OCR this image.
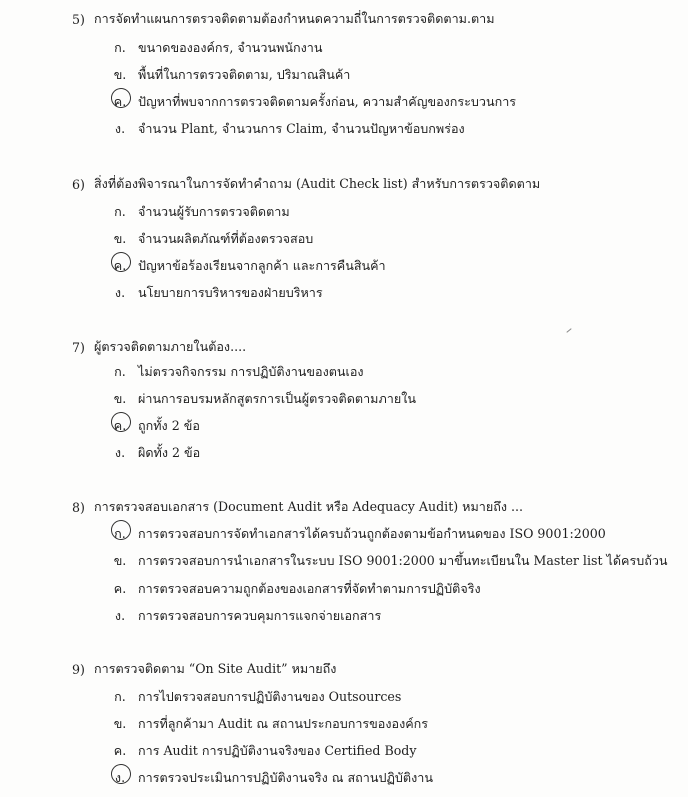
5) การจัดทำแผนการตรวจติดตามต้องกำหนดความถี่ในการตรวจติดตาม.ตาม
ก. ขนาดขององค์กร, จำนวนพนักงาน
ข. พื้นที่ในการตรวจติดตาม, ปริมาณสินค้า
ค. ปัญหาที่พบจากการตรวจติดตามครั้งก่อน, ความสำคัญของกระบวนการ
ง.	จำนวน Plant, จำนวนการ Claim, จำนวนปัญหาข้อบกพร่อง
6) สิ่งที่ต้องพิจารณาในการจัดทำคำถาม (Audit Check list) สำหรับการตรวจติดตาม
ก. จำนวนผู้รับการตรวจติดตาม
ข. จำนวนผลิตภัณฑ์ที่ต้องตรวจสอบ
ค. ปัญหาข้อร้องเรียนจากลูกค้า และการคืนสินค้า
ง.	นโยบายการบริหารของฝ่ายบริหาร
7) ผู้ตรวจติดตามภายในต้อง....
ก. ไม่ตรวจกิจกรรม การปฏิบัติงานของตนเอง
ข. ผ่านการอบรมหลักสูตรการเป็นผู้ตรวจติดตามภายใน
ค. ถูกทั้ง 2 ข้อ
ง.	ผิดทั้ง 2 ข้อ
8) การตรวจสอบเอกสาร (Document Audit หรือ Adequacy Audit) หมายถึง ...
ก. การตรวจสอบการจัดทำเอกสารได้ครบถ้วนถูกต้องตามข้อกำหนดของ ISO 9001:2000
ข. การตรวจสอบการนำเอกสารในระบบ ISO 9001:2000 มาขึ้นทะเบียนใน Master list ได้ครบถ้วน
ค. การตรวจสอบความถูกต้องของเอกสารที่จัดทำตามการปฏิบัติจริง
ง.	การตรวจสอบการควบคุมการแจกจ่ายเอกสาร
9) การตรวจติดตาม “On Site Audit” หมายถึง
ก. การไปตรวจสอบการปฏิบัติงานของ Outsources
ข. การที่ลูกค้ามา Audit ณ สถานประกอบการขององค์กร
ค. การ Audit การปฏิบัติงานจริงของ Certified Body
ง.	การตรวจประเมินการปฏิบัติงานจริง ณ สถานปฏิบัติงาน
